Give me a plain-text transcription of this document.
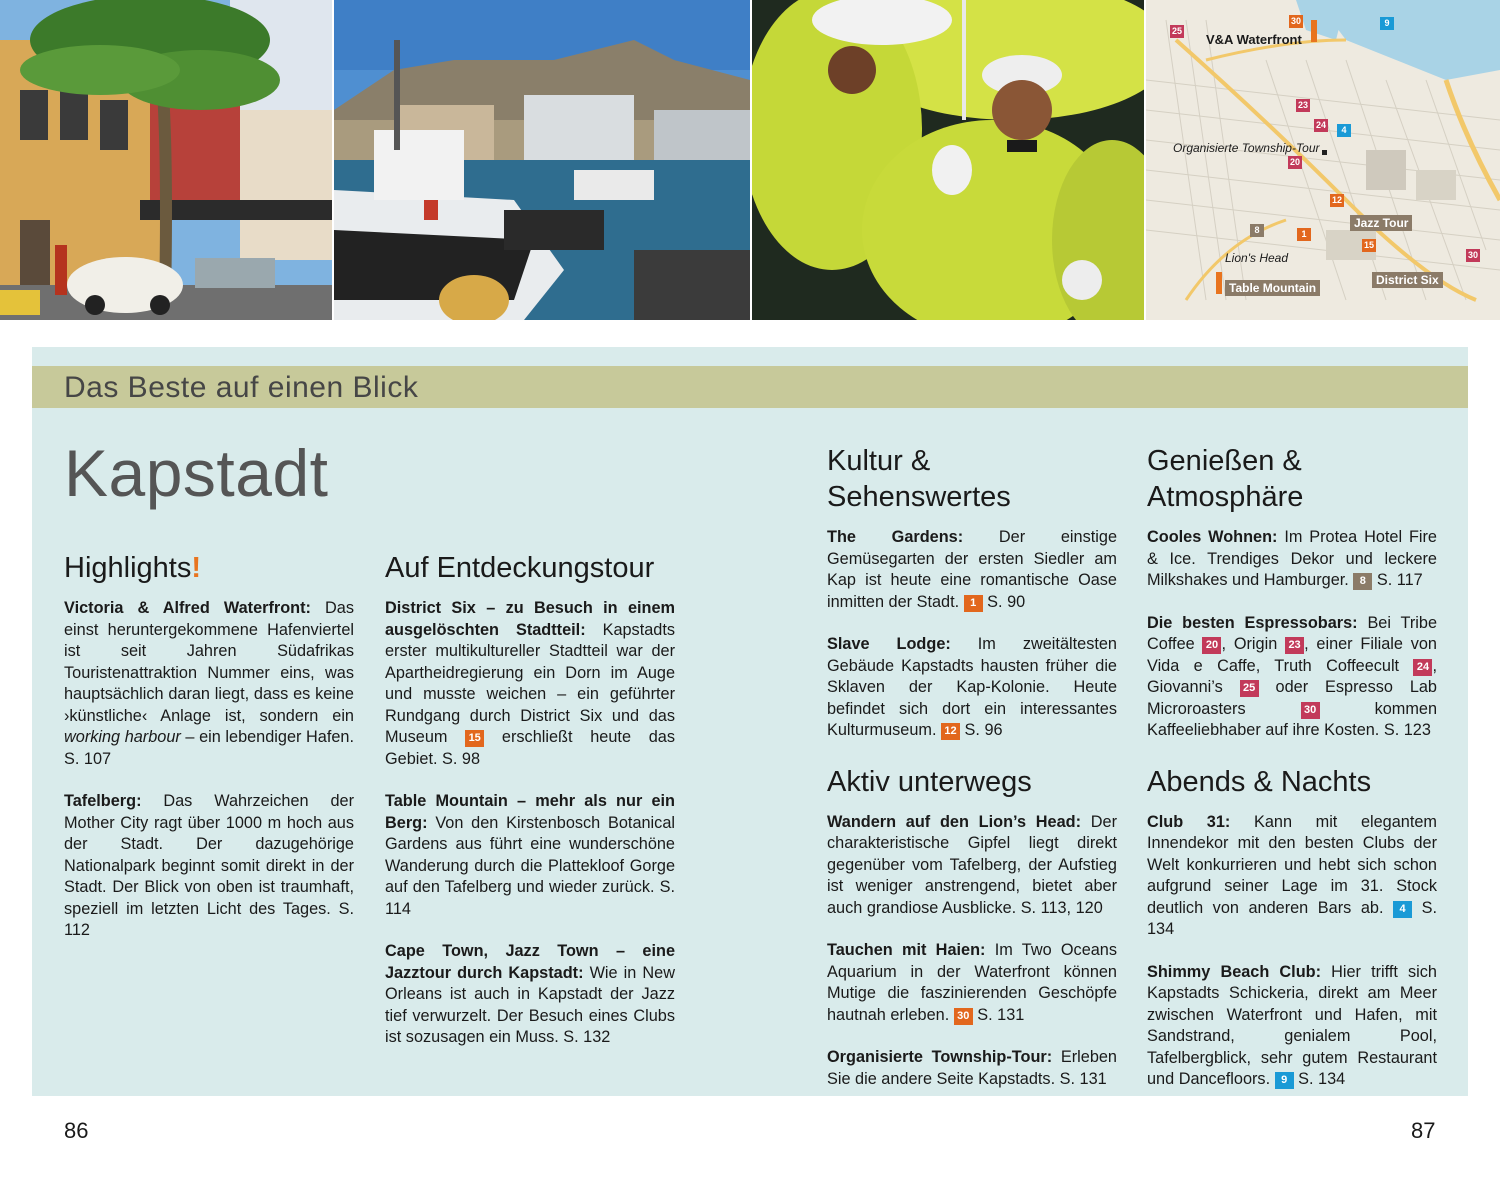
V&A Waterfront
Organisierte Township-Tour
Jazz Tour
Lion's Head
Table Mountain
District Six
25
30	9
23
24	4
20
12
8	1
15
30
Das Beste auf einen Blick
Kapstadt
Highlights!

Victoria & Alfred Waterfront: Das einst heruntergekommene Hafenviertel ist seit Jahren Südafrikas Touristenattraktion Nummer eins, was hauptsächlich daran liegt, dass es keine ›künstliche‹ Anlage ist, sondern ein working harbour – ein lebendiger Hafen. S. 107

Tafelberg: Das Wahrzeichen der Mother City ragt über 1000 m hoch aus der Stadt. Der dazugehörige Nationalpark beginnt somit direkt in der Stadt. Der Blick von oben ist traumhaft, speziell im letzten Licht des Tages. S. 112

Auf Entdeckungstour

District Six – zu Besuch in einem ausgelöschten Stadtteil: Kapstadts erster multikultureller Stadtteil war der Apartheidregierung ein Dorn im Auge und musste weichen – ein geführter Rundgang durch District Six und das Museum 15 erschließt heute das Gebiet. S. 98

Table Mountain – mehr als nur ein Berg: Von den Kirstenbosch Botanical Gardens aus führt eine wunderschöne Wanderung durch die Plattekloof Gorge auf den Tafelberg und wieder zurück. S. 114

Cape Town, Jazz Town – eine Jazztour durch Kapstadt: Wie in New Orleans ist auch in Kapstadt der Jazz tief verwurzelt. Der Besuch eines Clubs ist sozusagen ein Muss. S. 132

Kultur & Sehenswertes

The Gardens: Der einstige Gemüsegarten der ersten Siedler am Kap ist heute eine romantische Oase inmitten der Stadt. 1 S. 90

Slave Lodge: Im zweitältesten Gebäude Kapstadts hausten früher die Sklaven der Kap-Kolonie. Heute befindet sich dort ein interessantes Kulturmuseum. 12 S. 96

Aktiv unterwegs

Wandern auf den Lion’s Head: Der charakteristische Gipfel liegt direkt gegenüber vom Tafelberg, der Aufstieg ist weniger anstrengend, bietet aber auch grandiose Ausblicke. S. 113, 120

Tauchen mit Haien: Im Two Oceans Aquarium in der Waterfront können Mutige die faszinierenden Geschöpfe hautnah erleben. 30 S. 131

Organisierte Township-Tour: Erleben Sie die andere Seite Kapstadts. S. 131

Genießen & Atmosphäre

Cooles Wohnen: Im Protea Hotel Fire & Ice. Trendiges Dekor und leckere Milkshakes und Hamburger. 8 S. 117

Die besten Espressobars: Bei Tribe Coffee 20 , Origin 23 , einer Filiale von Vida e Caffe, Truth Coffeecult 24 , Giovanni’s 25 oder Espresso Lab Microroasters 30 kommen Kaffeeliebhaber auf ihre Kosten. S. 123

Abends & Nachts

Club 31: Kann mit elegantem Innendekor mit den besten Clubs der Welt konkurrieren und hebt sich schon aufgrund seiner Lage im 31. Stock deutlich von anderen Bars ab. 4 S. 134

Shimmy Beach Club: Hier trifft sich Kapstadts Schickeria, direkt am Meer zwischen Waterfront und Hafen, mit Sandstrand, genialem Pool, Tafelbergblick, sehr gutem Restaurant und Dancefloors. 9 S. 134

86	87
